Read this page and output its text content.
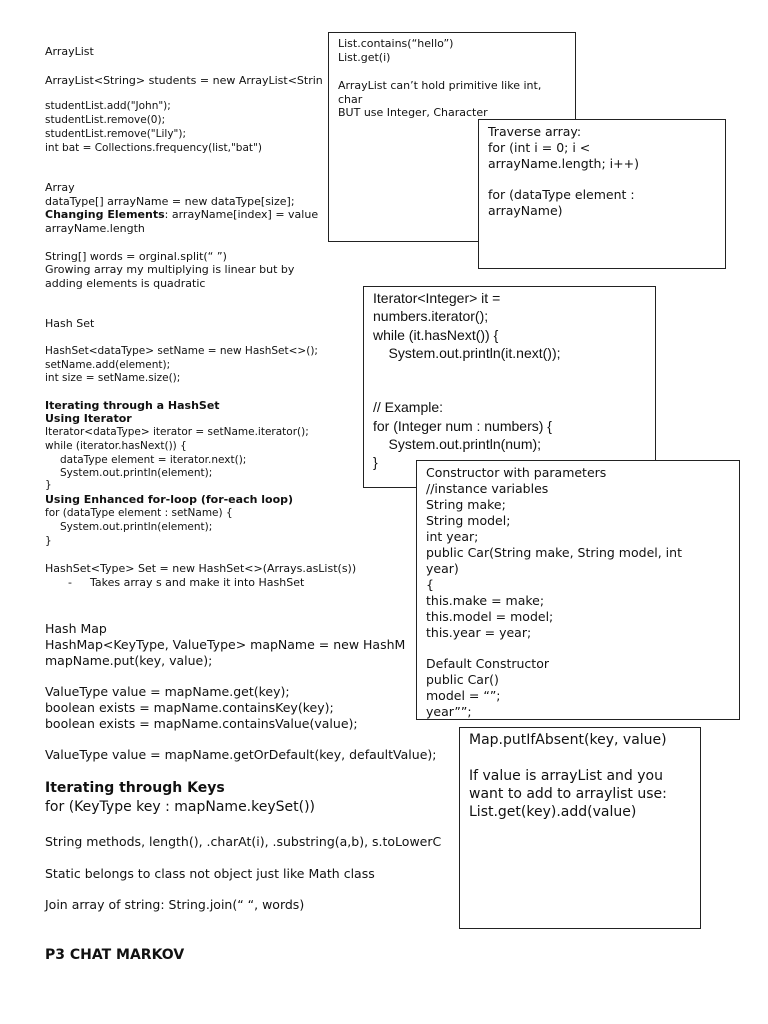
ArrayList
ArrayList<String> students = new ArrayList<Strin
studentList.add("John");
studentList.remove(0);
studentList.remove("Lily");
int bat = Collections.frequency(list,"bat")
Array
dataType[] arrayName = new dataType[size];
Changing Elements: arrayName[index] = value
arrayName.length
String[] words = orginal.split(“ ”)
Growing array my multiplying is linear but by
adding elements is quadratic
Hash Set
HashSet<dataType> setName = new HashSet<>();
setName.add(element);
int size = setName.size();
Iterating through a HashSet
Using Iterator
Iterator<dataType> iterator = setName.iterator();
while (iterator.hasNext()) {
dataType element = iterator.next();
System.out.println(element);
}
Using Enhanced for-loop (for-each loop)
for (dataType element : setName) {
System.out.println(element);
}
HashSet<Type> Set = new HashSet<>(Arrays.asList(s))
- Takes array s and make it into HashSet
Hash Map
HashMap<KeyType, ValueType> mapName = new HashM
mapName.put(key, value);
ValueType value = mapName.get(key);
boolean exists = mapName.containsKey(key);
boolean exists = mapName.containsValue(value);
ValueType value = mapName.getOrDefault(key, defaultValue);
Iterating through Keys
for (KeyType key : mapName.keySet())
String methods, length(), .charAt(i), .substring(a,b), s.toLowerC
Static belongs to class not object just like Math class
Join array of string: String.join(“ “, words)
P3 CHAT MARKOV
List.contains(“hello”)
List.get(i)
ArrayList can’t hold primitive like int,
char
BUT use Integer, Character
Traverse array:
for (int i = 0; i <
arrayName.length; i++)
for (dataType element :
arrayName)
Iterator<Integer> it =
numbers.iterator();
while (it.hasNext()) {
System.out.println(it.next());
// Example:
for (Integer num : numbers) {
System.out.println(num);
}
Constructor with parameters
//instance variables
String make;
String model;
int year;
public Car(String make, String model, int
year)
{
this.make = make;
this.model = model;
this.year = year;
Default Constructor
public Car()
model = “”;
year””;
Map.putIfAbsent(key, value)
If value is arrayList and you
want to add to arraylist use:
List.get(key).add(value)
